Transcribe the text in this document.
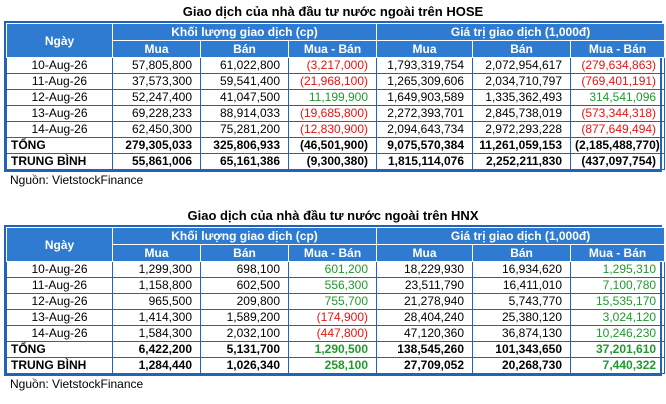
Giao dịch của nhà đầu tư nước ngoài trên HOSE
Ngày	Khối lượng giao dịch (cp)			Giá trị giao dịch (1,000đ)		
	Mua	Bán	Mua - Bán	Mua	Bán	Mua - Bán
10-Aug-26	57,805,800	61,022,800	(3,217,000)	1,793,319,754	2,072,954,617	(279,634,863)
11-Aug-26	37,573,300	59,541,400	(21,968,100)	1,265,309,606	2,034,710,797	(769,401,191)
12-Aug-26	52,247,400	41,047,500	11,199,900	1,649,903,589	1,335,362,493	314,541,096
13-Aug-26	69,228,233	88,914,033	(19,685,800)	2,272,393,701	2,845,738,019	(573,344,318)
14-Aug-26	62,450,300	75,281,200	(12,830,900)	2,094,643,734	2,972,293,228	(877,649,494)
TỔNG	279,305,033	325,806,933	(46,501,900)	9,075,570,384	11,261,059,153	(2,185,488,770)
TRUNG BÌNH	55,861,006	65,161,386	(9,300,380)	1,815,114,076	2,252,211,830	(437,097,754)
Nguồn: VietstockFinance
Giao dịch của nhà đầu tư nước ngoài trên HNX
Ngày	Khối lượng giao dịch (cp)			Giá trị giao dịch (1,000đ)		
	Mua	Bán	Mua - Bán	Mua	Bán	Mua - Bán
10-Aug-26	1,299,300	698,100	601,200	18,229,930	16,934,620	1,295,310
11-Aug-26	1,158,800	602,500	556,300	23,511,790	16,411,010	7,100,780
12-Aug-26	965,500	209,800	755,700	21,278,940	5,743,770	15,535,170
13-Aug-26	1,414,300	1,589,200	(174,900)	28,404,240	25,380,120	3,024,120
14-Aug-26	1,584,300	2,032,100	(447,800)	47,120,360	36,874,130	10,246,230
TỔNG	6,422,200	5,131,700	1,290,500	138,545,260	101,343,650	37,201,610
TRUNG BÌNH	1,284,440	1,026,340	258,100	27,709,052	20,268,730	7,440,322
Nguồn: VietstockFinance
